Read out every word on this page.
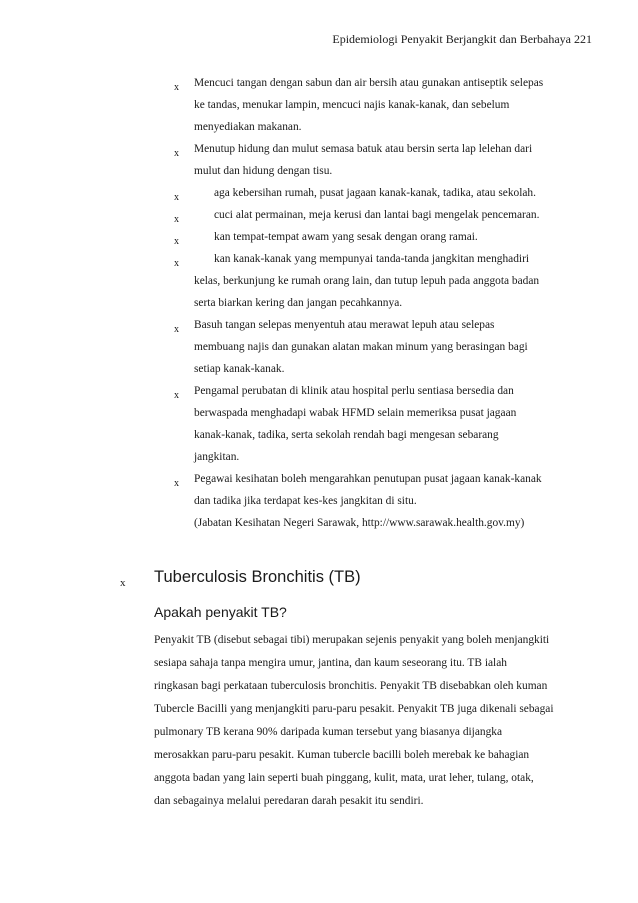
Epidemiologi Penyakit Berjangkit dan Berbahaya 221
x
x
x
x
x
x
x
x
x
Mencuci tangan dengan sabun dan air bersih atau gunakan antiseptik selepas
ke tandas, menukar lampin, mencuci najis kanak-kanak, dan sebelum
menyediakan makanan.
Menutup hidung dan mulut semasa batuk atau bersin serta lap lelehan dari
mulut dan hidung dengan tisu.
aga kebersihan rumah, pusat jagaan kanak-kanak, tadika, atau sekolah.
cuci alat permainan, meja kerusi dan lantai bagi mengelak pencemaran.
kan tempat-tempat awam yang sesak dengan orang ramai.
kan kanak-kanak yang mempunyai tanda-tanda jangkitan menghadiri
kelas, berkunjung ke rumah orang lain, dan tutup lepuh pada anggota badan
serta biarkan kering dan jangan pecahkannya.
Basuh tangan selepas menyentuh atau merawat lepuh atau selepas
membuang najis dan gunakan alatan makan minum yang berasingan bagi
setiap kanak-kanak.
Pengamal perubatan di klinik atau hospital perlu sentiasa bersedia dan
berwaspada menghadapi wabak HFMD selain memeriksa pusat jagaan
kanak-kanak, tadika, serta sekolah rendah bagi mengesan sebarang
jangkitan.
Pegawai kesihatan boleh mengarahkan penutupan pusat jagaan kanak-kanak
dan tadika jika terdapat kes-kes jangkitan di situ.
(Jabatan Kesihatan Negeri Sarawak, http://www.sarawak.health.gov.my)
x Tuberculosis Bronchitis (TB)
Apakah penyakit TB?
Penyakit TB (disebut sebagai tibi) merupakan sejenis penyakit yang boleh menjangkiti
sesiapa sahaja tanpa mengira umur, jantina, dan kaum seseorang itu. TB ialah
ringkasan bagi perkataan tuberculosis bronchitis. Penyakit TB disebabkan oleh kuman
Tubercle Bacilli yang menjangkiti paru-paru pesakit. Penyakit TB juga dikenali sebagai
pulmonary TB kerana 90% daripada kuman tersebut yang biasanya dijangka
merosakkan paru-paru pesakit. Kuman tubercle bacilli boleh merebak ke bahagian
anggota badan yang lain seperti buah pinggang, kulit, mata, urat leher, tulang, otak,
dan sebagainya melalui peredaran darah pesakit itu sendiri.
